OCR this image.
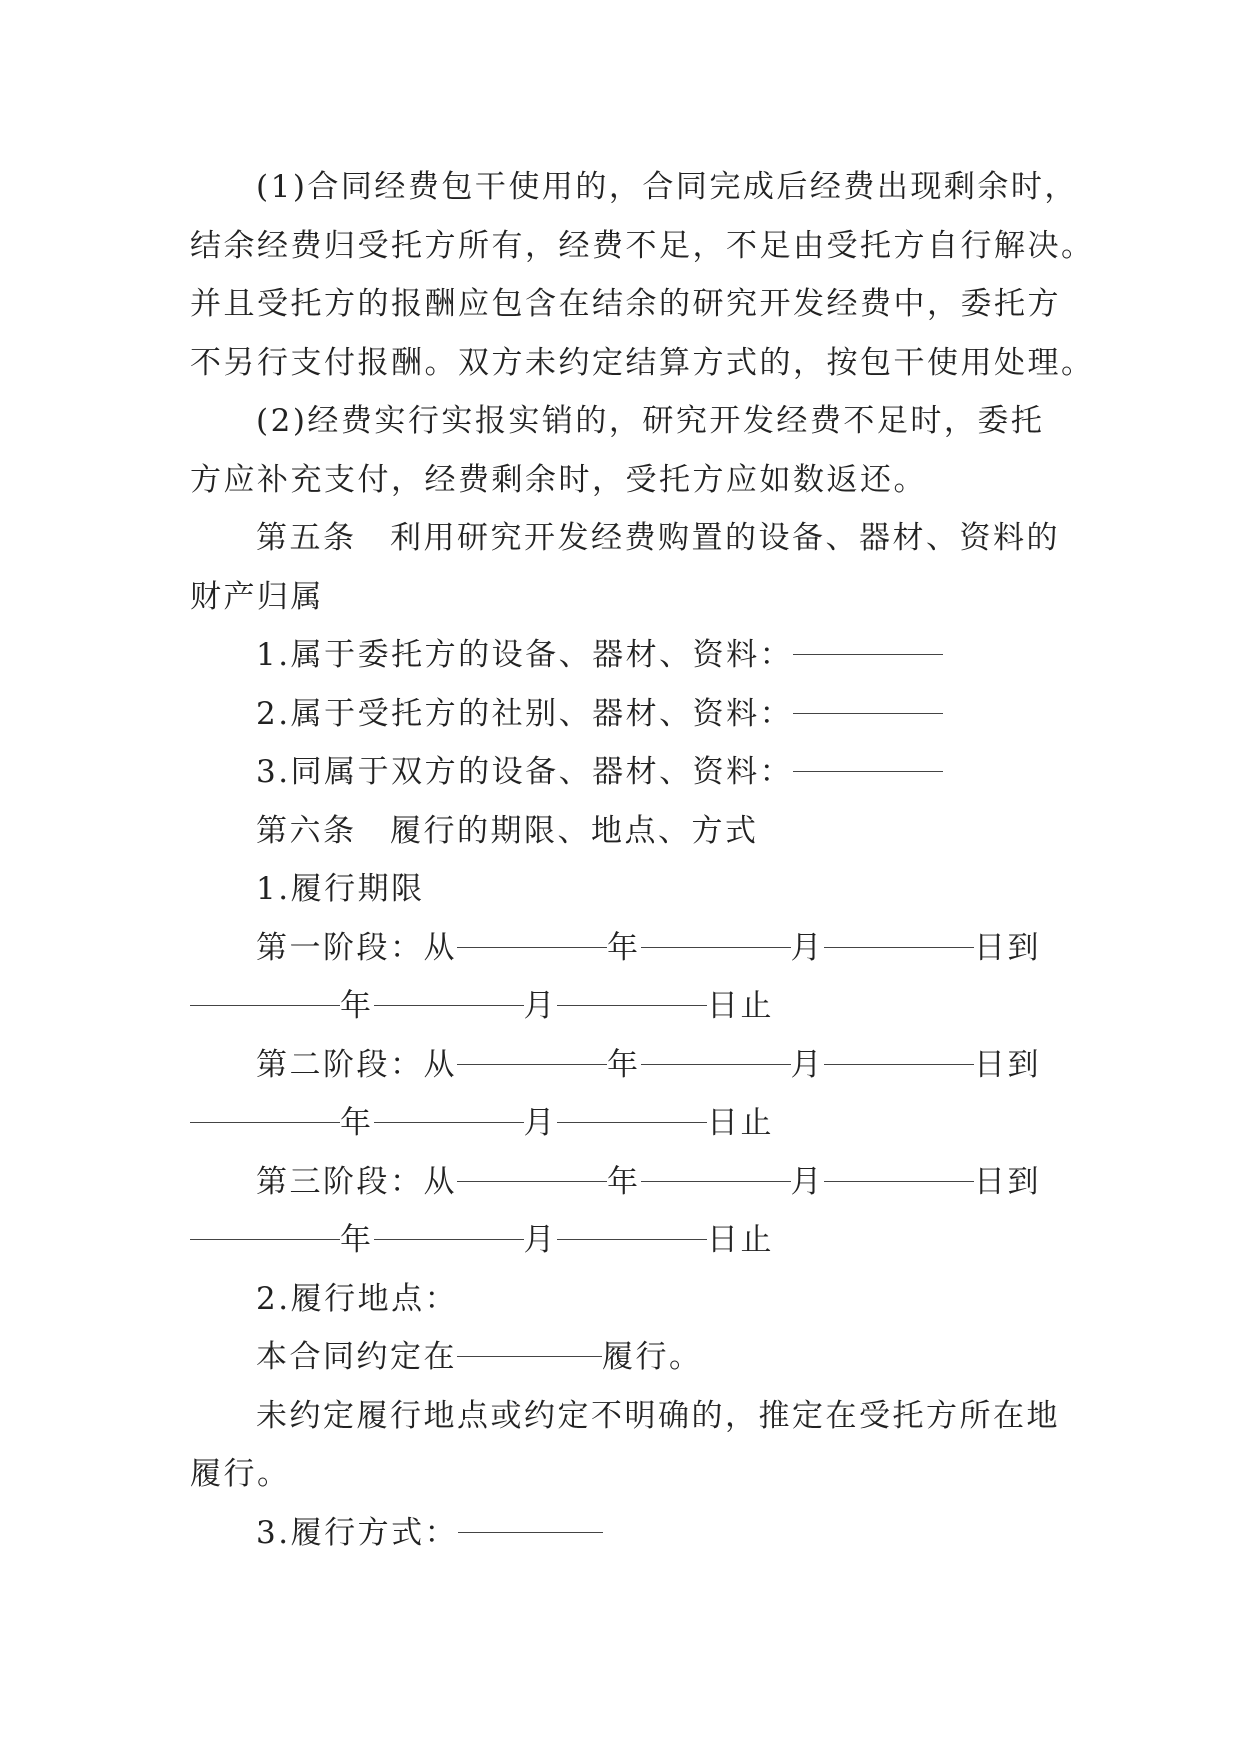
(1)合同经费包干使用的，合同完成后经费出现剩余时，
结余经费归受托方所有，经费不足，不足由受托方自行解决。
并且受托方的报酬应包含在结余的研究开发经费中，委托方
不另行支付报酬。双方未约定结算方式的，按包干使用处理。
(2)经费实行实报实销的，研究开发经费不足时，委托
方应补充支付，经费剩余时，受托方应如数返还。
第五条　利用研究开发经费购置的设备、器材、资料的
财产归属
1.属于委托方的设备、器材、资料：
2.属于受托方的社别、器材、资料：
3.同属于双方的设备、器材、资料：
第六条　履行的期限、地点、方式
1.履行期限
第一阶段：从	年	月	日到
年	月	日止
第二阶段：从	年	月	日到
年	月	日止
第三阶段：从	年	月	日到
年	月	日止
2.履行地点：
本合同约定在	履行。
未约定履行地点或约定不明确的，推定在受托方所在地
履行。
3.履行方式：
